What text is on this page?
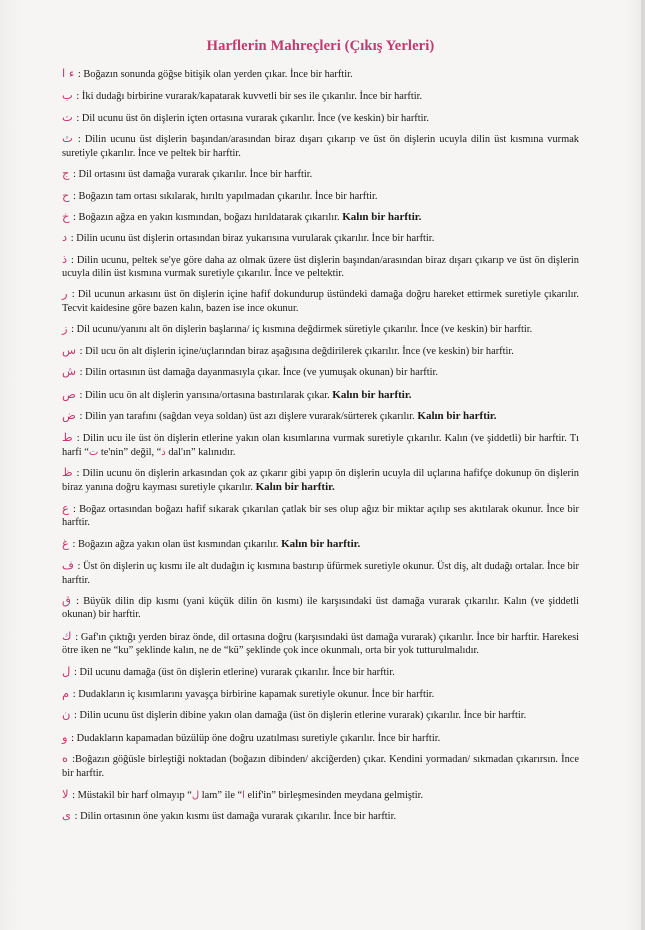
Harflerin Mahreçleri (Çıkış Yerleri)

ء ا : Boğazın sonunda göğse bitişik olan yerden çıkar. İnce bir harftir.

ب : İki dudağı birbirine vurarak/kapatarak kuvvetli bir ses ile çıkarılır. İnce bir harftir.

ت : Dil ucunu üst ön dişlerin içten ortasına vurarak çıkarılır. İnce (ve keskin) bir harftir.

ث : Dilin ucunu üst dişlerin başından/arasından biraz dışarı çıkarıp ve üst ön dişlerin ucuyla dilin üst kısmına vurmak suretiyle çıkarılır. İnce ve peltek bir harftir.

ج : Dil ortasını üst damağa vurarak çıkarılır. İnce bir harftir.

ح : Boğazın tam ortası sıkılarak, hırıltı yapılmadan çıkarılır. İnce bir harftir.

خ : Boğazın ağza en yakın kısmından, boğazı hırıldatarak çıkarılır. Kalın bir harftir.

د : Dilin ucunu üst dişlerin ortasından biraz yukarısına vurularak çıkarılır. İnce bir harftir.

ذ : Dilin ucunu, peltek se'ye göre daha az olmak üzere üst dişlerin başından/arasından biraz dışarı çıkarıp ve üst ön dişlerin ucuyla dilin üst kısmına vurmak suretiyle çıkarılır. İnce ve peltektir.

ر : Dil ucunun arkasını üst ön dişlerin içine hafif dokundurup üstündeki damağa doğru hareket ettirmek suretiyle çıkarılır. Tecvit kaidesine göre bazen kalın, bazen ise ince okunur.

ز : Dil ucunu/yanını alt ön dişlerin başlarına/ iç kısmına değdirmek süretiyle çıkarılır. İnce (ve keskin) bir harftir.

س : Dil ucu ön alt dişlerin içine/uçlarından biraz aşağısına değdirilerek çıkarılır. İnce (ve keskin) bir harftir.

ش : Dilin ortasının üst damağa dayanmasıyla çıkar. İnce (ve yumuşak okunan) bir harftir.

ص : Dilin ucu ön alt dişlerin yarısına/ortasına bastırılarak çıkar. Kalın bir harftir.

ض : Dilin yan tarafını (sağdan veya soldan) üst azı dişlere vurarak/sürterek çıkarılır. Kalın bir harftir.

ط : Dilin ucu ile üst ön dişlerin etlerine yakın olan kısımlarına vurmak suretiyle çıkarılır. Kalın (ve şiddetli) bir harftir. Tı harfi “ت te'nin” değil, “د dal'ın” kalınıdır.

ظ : Dilin ucunu ön dişlerin arkasından çok az çıkarır gibi yapıp ön dişlerin ucuyla dil uçlarına hafifçe dokunup ön dişlerin biraz yanına doğru kayması suretiyle çıkarılır. Kalın bir harftir.

ع : Boğaz ortasından boğazı hafif sıkarak çıkarılan çatlak bir ses olup ağız bir miktar açılıp ses akıtılarak okunur. İnce bir harftir.

غ : Boğazın ağza yakın olan üst kısmından çıkarılır. Kalın bir harftir.

ف : Üst ön dişlerin uç kısmı ile alt dudağın iç kısmına bastırıp üfürmek suretiyle okunur. Üst diş, alt dudağı ortalar. İnce bir harftir.

ق : Büyük dilin dip kısmı (yani küçük dilin ön kısmı) ile karşısındaki üst damağa vurarak çıkarılır. Kalın (ve şiddetli okunan) bir harftir.

ك : Gaf'ın çıktığı yerden biraz önde, dil ortasına doğru (karşısındaki üst damağa vurarak) çıkarılır. İnce bir harftir. Harekesi ötre iken ne “ku” şeklinde kalın, ne de “kü” şeklinde çok ince okunmalı, orta bir yok tutturulmalıdır.

ل : Dil ucunu damağa (üst ön dişlerin etlerine) vurarak çıkarılır. İnce bir harftir.

م : Dudakların iç kısımlarını yavaşça birbirine kapamak suretiyle okunur. İnce bir harftir.

ن : Dilin ucunu üst dişlerin dibine yakın olan damağa (üst ön dişlerin etlerine vurarak) çıkarılır. İnce bir harftir.

و : Dudakların kapamadan büzülüp öne doğru uzatılması suretiyle çıkarılır. İnce bir harftir.

ه :Boğazın göğüsle birleştiği noktadan (boğazın dibinden/ akciğerden) çıkar. Kendini yormadan/ sıkmadan çıkarırsın. İnce bir harftir.

لا : Müstakil bir harf olmayıp “ل lam” ile “ا elif'in” birleşmesinden meydana gelmiştir.

ى : Dilin ortasının öne yakın kısmı üst damağa vurarak çıkarılır. İnce bir harftir.
